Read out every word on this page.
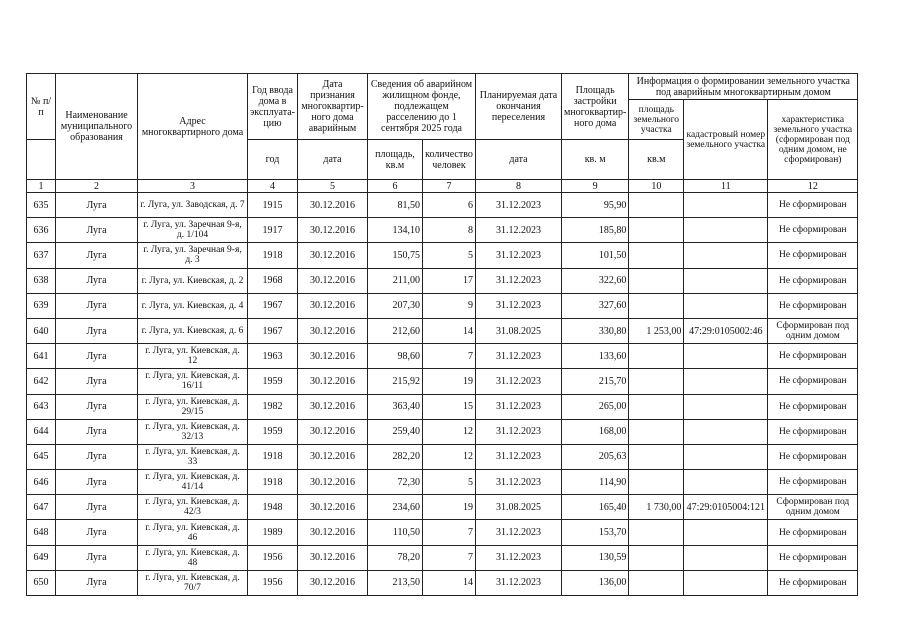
№ п/п	Наименование муниципального образования	Адрес многоквартирного дома	Год ввода дома в эксплуата-цию	Дата признания многоквартир-ного дома аварийным	Сведения об аварийном жилищном фонде, подлежащем расселению до 1 сентября 2025 года		Планируемая дата окончания переселения	Площадь застройки многоквартир-ного дома	Информация о формировании земельного участка под аварийным многоквартирным домом		
									площадь земельного участка	кадастровый номер земельного участка	характеристика земельного участка (сформирован под одним домом, не сформирован)
			год	дата	площадь, кв.м	количество человек	дата	кв. м	кв.м		
1	2	3	4	5	6	7	8	9	10	11	12
635	Луга	г. Луга, ул. Заводская, д. 7	1915	30.12.2016	81,50	6	31.12.2023	95,90			Не сформирован
636	Луга	г. Луга, ул. Заречная 9-я, д. 1/104	1917	30.12.2016	134,10	8	31.12.2023	185,80			Не сформирован
637	Луга	г. Луга, ул. Заречная 9-я, д. 3	1918	30.12.2016	150,75	5	31.12.2023	101,50			Не сформирован
638	Луга	г. Луга, ул. Киевская, д. 2	1968	30.12.2016	211,00	17	31.12.2023	322,60			Не сформирован
639	Луга	г. Луга, ул. Киевская, д. 4	1967	30.12.2016	207,30	9	31.12.2023	327,60			Не сформирован
640	Луга	г. Луга, ул. Киевская, д. 6	1967	30.12.2016	212,60	14	31.08.2025	330,80	1 253,00	47:29:0105002:46	Сформирован под одним домом
641	Луга	г. Луга, ул. Киевская, д. 12	1963	30.12.2016	98,60	7	31.12.2023	133,60			Не сформирован
642	Луга	г. Луга, ул. Киевская, д. 16/11	1959	30.12.2016	215,92	19	31.12.2023	215,70			Не сформирован
643	Луга	г. Луга, ул. Киевская, д. 29/15	1982	30.12.2016	363,40	15	31.12.2023	265,00			Не сформирован
644	Луга	г. Луга, ул. Киевская, д. 32/13	1959	30.12.2016	259,40	12	31.12.2023	168,00			Не сформирован
645	Луга	г. Луга, ул. Киевская, д. 33	1918	30.12.2016	282,20	12	31.12.2023	205,63			Не сформирован
646	Луга	г. Луга, ул. Киевская, д. 41/14	1918	30.12.2016	72,30	5	31.12.2023	114,90			Не сформирован
647	Луга	г. Луга, ул. Киевская, д. 42/3	1948	30.12.2016	234,60	19	31.08.2025	165,40	1 730,00	47:29:0105004:121	Сформирован под одним домом
648	Луга	г. Луга, ул. Киевская, д. 46	1989	30.12.2016	110,50	7	31.12.2023	153,70			Не сформирован
649	Луга	г. Луга, ул. Киевская, д. 48	1956	30.12.2016	78,20	7	31.12.2023	130,59			Не сформирован
650	Луга	г. Луга, ул. Киевская, д. 70/7	1956	30.12.2016	213,50	14	31.12.2023	136,00			Не сформирован
